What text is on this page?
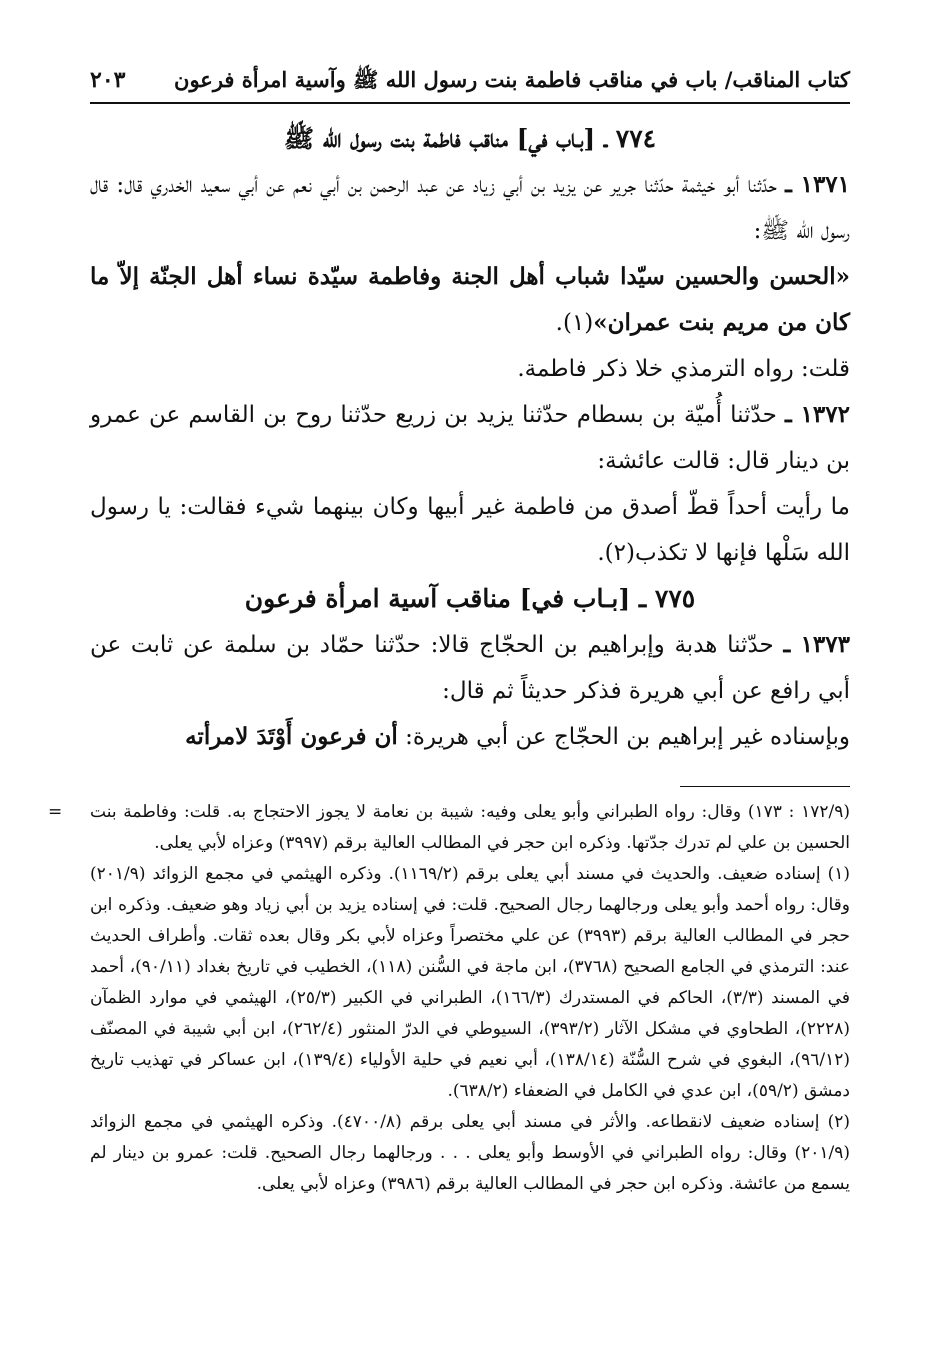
كتاب المناقب/ باب في مناقب فاطمة بنت رسول الله ﷺ وآسية امرأة فرعون
٢٠٣

٧٧٤ ـ [بـاب في] مناقب فاطمة بنت رسول الله ﷺ

١٣٧١ ـ حدّثنا أبو خيثمة حدّثنا جرير عن يزيد بن أبي زياد عن عبد الرحمن بن أبي نعم عن أبي سعيد الخدري قال: قال رسول الله ﷺ:

«الحسن والحسين سيّدا شباب أهل الجنة وفاطمة سيّدة نساء أهل الجنّة إلاّ ما كان من مريم بنت عمران»(١).

قلت: رواه الترمذي خلا ذكر فاطمة.

١٣٧٢ ـ حدّثنا أُميّة بن بسطام حدّثنا يزيد بن زريع حدّثنا روح بن القاسم عن عمرو بن دينار قال: قالت عائشة:

ما رأيت أحداً قطّ أصدق من فاطمة غير أبيها وكان بينهما شيء فقالت: يا رسول الله سَلْها فإنها لا تكذب(٢).

٧٧٥ ـ [بـاب في] مناقب آسية امرأة فرعون

١٣٧٣ ـ حدّثنا هدبة وإبراهيم بن الحجّاج قالا: حدّثنا حمّاد بن سلمة عن ثابت عن أبي رافع عن أبي هريرة فذكر حديثاً ثم قال:

وبإسناده غير إبراهيم بن الحجّاج عن أبي هريرة: أن فرعون أَوْتَدَ لامرأته

= (١٧٢/٩ : ١٧٣) وقال: رواه الطبراني وأبو يعلى وفيه: شيبة بن نعامة لا يجوز الاحتجاج به. قلت: وفاطمة بنت الحسين بن علي لم تدرك جدّتها. وذكره ابن حجر في المطالب العالية برقم (٣٩٩٧) وعزاه لأبي يعلى.

(١) إسناده ضعيف. والحديث في مسند أبي يعلى برقم (١١٦٩/٢). وذكره الهيثمي في مجمع الزوائد (٢٠١/٩) وقال: رواه أحمد وأبو يعلى ورجالهما رجال الصحيح. قلت: في إسناده يزيد بن أبي زياد وهو ضعيف. وذكره ابن حجر في المطالب العالية برقم (٣٩٩٣) عن علي مختصراً وعزاه لأبي بكر وقال بعده ثقات. وأطراف الحديث عند: الترمذي في الجامع الصحيح (٣٧٦٨)، ابن ماجة في السُّنن (١١٨)، الخطيب في تاريخ بغداد (٩٠/١١)، أحمد في المسند (٣/٣)، الحاكم في المستدرك (١٦٦/٣)، الطبراني في الكبير (٢٥/٣)، الهيثمي في موارد الظمآن (٢٢٢٨)، الطحاوي في مشكل الآثار (٣٩٣/٢)، السيوطي في الدرّ المنثور (٢٦٢/٤)، ابن أبي شيبة في المصنّف (٩٦/١٢)، البغوي في شرح السُّنّة (١٣٨/١٤)، أبي نعيم في حلية الأولياء (١٣٩/٤)، ابن عساكر في تهذيب تاريخ دمشق (٥٩/٢)، ابن عدي في الكامل في الضعفاء (٦٣٨/٢).

(٢) إسناده ضعيف لانقطاعه. والأثر في مسند أبي يعلى برقم (٤٧٠٠/٨). وذكره الهيثمي في مجمع الزوائد (٢٠١/٩) وقال: رواه الطبراني في الأوسط وأبو يعلى . . . ورجالهما رجال الصحيح. قلت: عمرو بن دينار لم يسمع من عائشة. وذكره ابن حجر في المطالب العالية برقم (٣٩٨٦) وعزاه لأبي يعلى.
